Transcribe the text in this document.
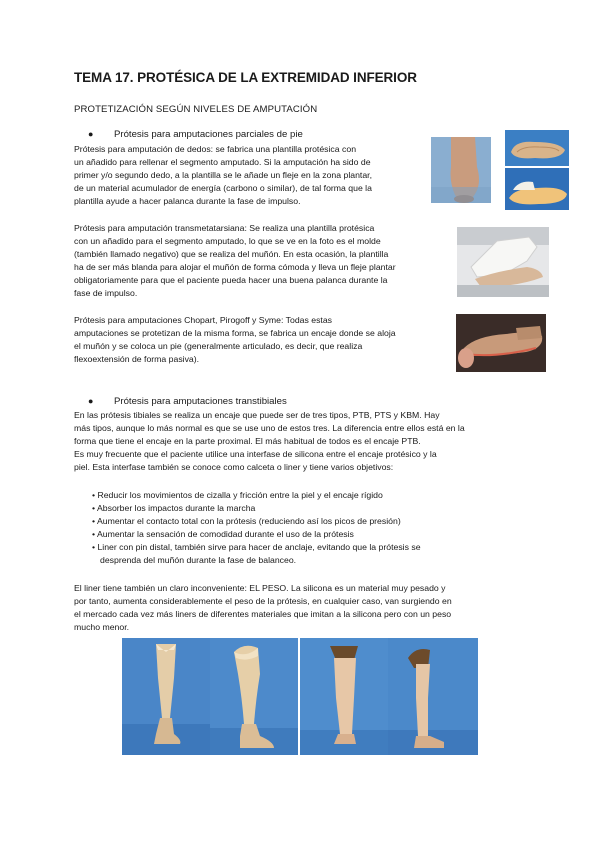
TEMA 17. PROTÉSICA DE LA EXTREMIDAD INFERIOR
PROTETIZACIÓN SEGÚN NIVELES DE AMPUTACIÓN
● Prótesis para amputaciones parciales de pie

Prótesis para amputación de dedos: se fabrica una plantilla protésica con
un añadido para rellenar el segmento amputado. Si la amputación ha sido de
primer y/o segundo dedo, a la plantilla se le añade un fleje en la zona plantar,
de un material acumulador de energía (carbono o similar), de tal forma que la
plantilla ayude a hacer palanca durante la fase de impulso.

Prótesis para amputación transmetatarsiana: Se realiza una plantilla protésica
con un añadido para el segmento amputado, lo que se ve en la foto es el molde
(también llamado negativo) que se realiza del muñón. En esta ocasión, la plantilla
ha de ser más blanda para alojar el muñón de forma cómoda y lleva un fleje plantar
obligatoriamente para que el paciente pueda hacer una buena palanca durante la
fase de impulso.

Prótesis para amputaciones Chopart, Pirogoff y Syme: Todas estas
amputaciones se protetizan de la misma forma, se fabrica un encaje donde se aloja
el muñón y se coloca un pie (generalmente articulado, es decir, que realiza
flexoextensión de forma pasiva).

● Prótesis para amputaciones transtibiales

En las prótesis tibiales se realiza un encaje que puede ser de tres tipos, PTB, PTS y KBM. Hay
más tipos, aunque lo más normal es que se use uno de estos tres. La diferencia entre ellos está en la
forma que tiene el encaje en la parte proximal. El más habitual de todos es el encaje PTB.
Es muy frecuente que el paciente utilice una interfase de silicona entre el encaje protésico y la
piel. Esta interfase también se conoce como calceta o liner y tiene varios objetivos:

• Reducir los movimientos de cizalla y fricción entre la piel y el encaje rígido
• Absorber los impactos durante la marcha
• Aumentar el contacto total con la prótesis (reduciendo así los picos de presión)
• Aumentar la sensación de comodidad durante el uso de la prótesis
• Liner con pin distal, también sirve para hacer de anclaje, evitando que la prótesis se
desprenda del muñón durante la fase de balanceo.

El liner tiene también un claro inconveniente: EL PESO. La silicona es un material muy pesado y
por tanto, aumenta considerablemente el peso de la prótesis, en cualquier caso, van surgiendo en
el mercado cada vez más liners de diferentes materiales que imitan a la silicona pero con un peso
mucho menor.
